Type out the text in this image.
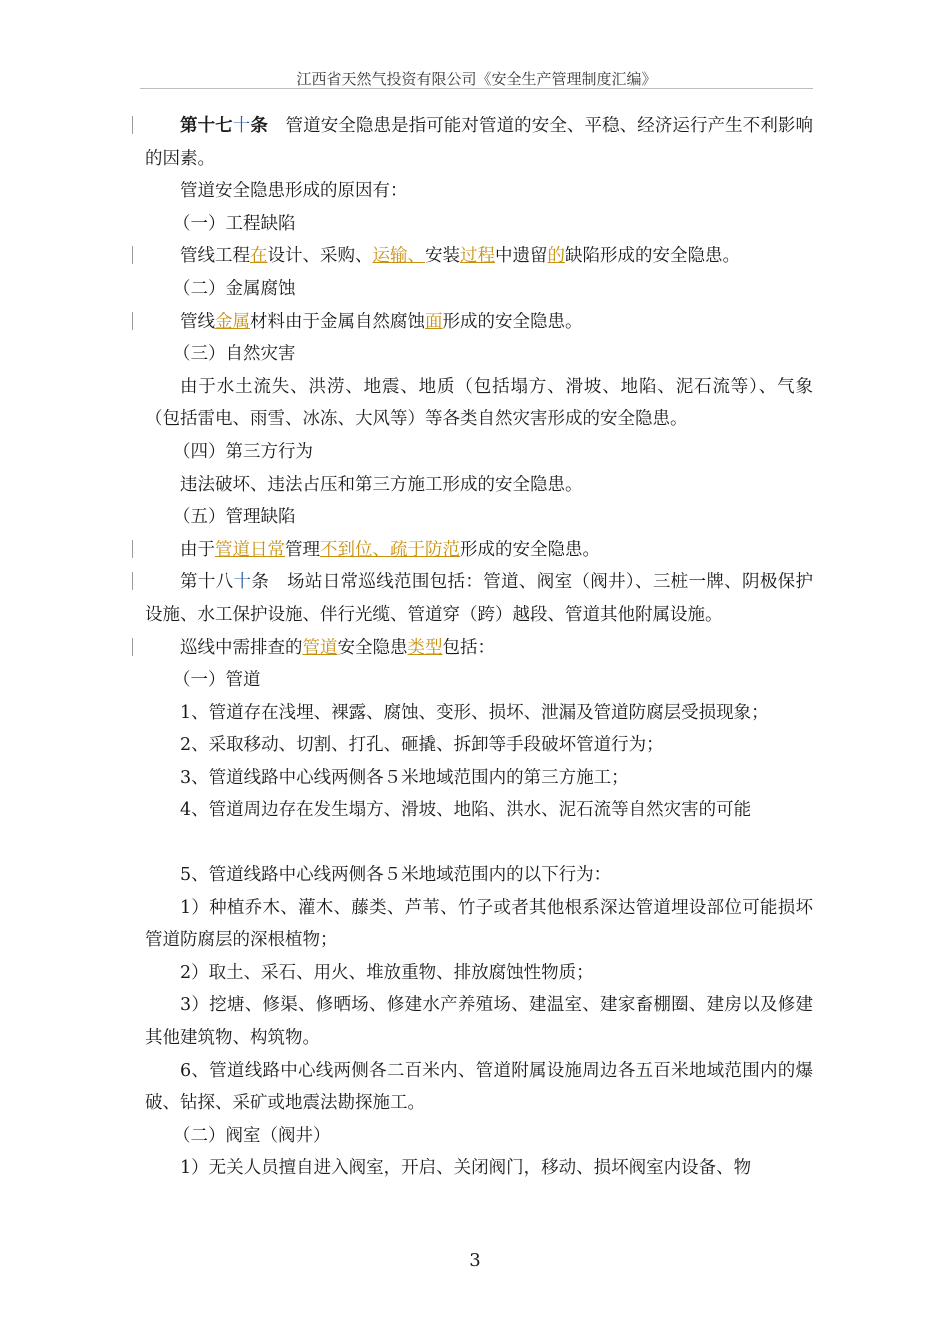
江西省天然气投资有限公司《安全生产管理制度汇编》

第十七十条　管道安全隐患是指可能对管道的安全、平稳、经济运行产生不利影响的因素。

管道安全隐患形成的原因有：

（一）工程缺陷

管线工程在设计、采购、运输、安装过程中遗留的缺陷形成的安全隐患。

（二）金属腐蚀

管线金属材料由于金属自然腐蚀面形成的安全隐患。

（三）自然灾害

由于水土流失、洪涝、地震、地质（包括塌方、滑坡、地陷、泥石流等）、气象（包括雷电、雨雪、冰冻、大风等）等各类自然灾害形成的安全隐患。

（四）第三方行为

违法破坏、违法占压和第三方施工形成的安全隐患。

（五）管理缺陷

由于管道日常管理不到位、疏于防范形成的安全隐患。

第十八十条　场站日常巡线范围包括：管道、阀室（阀井）、三桩一牌、阴极保护设施、水工保护设施、伴行光缆、管道穿（跨）越段、管道其他附属设施。

巡线中需排查的管道安全隐患类型包括：

（一）管道

1、管道存在浅埋、裸露、腐蚀、变形、损坏、泄漏及管道防腐层受损现象；

2、采取移动、切割、打孔、砸撬、拆卸等手段破坏管道行为；

3、管道线路中心线两侧各５米地域范围内的第三方施工；

4、管道周边存在发生塌方、滑坡、地陷、洪水、泥石流等自然灾害的可能

5、管道线路中心线两侧各５米地域范围内的以下行为：

1）种植乔木、灌木、藤类、芦苇、竹子或者其他根系深达管道埋设部位可能损坏管道防腐层的深根植物；

2）取土、采石、用火、堆放重物、排放腐蚀性物质；

3）挖塘、修渠、修晒场、修建水产养殖场、建温室、建家畜棚圈、建房以及修建其他建筑物、构筑物。

6、管道线路中心线两侧各二百米内、管道附属设施周边各五百米地域范围内的爆破、钻探、采矿或地震法勘探施工。

（二）阀室（阀井）

1）无关人员擅自进入阀室，开启、关闭阀门，移动、损坏阀室内设备、物

3
